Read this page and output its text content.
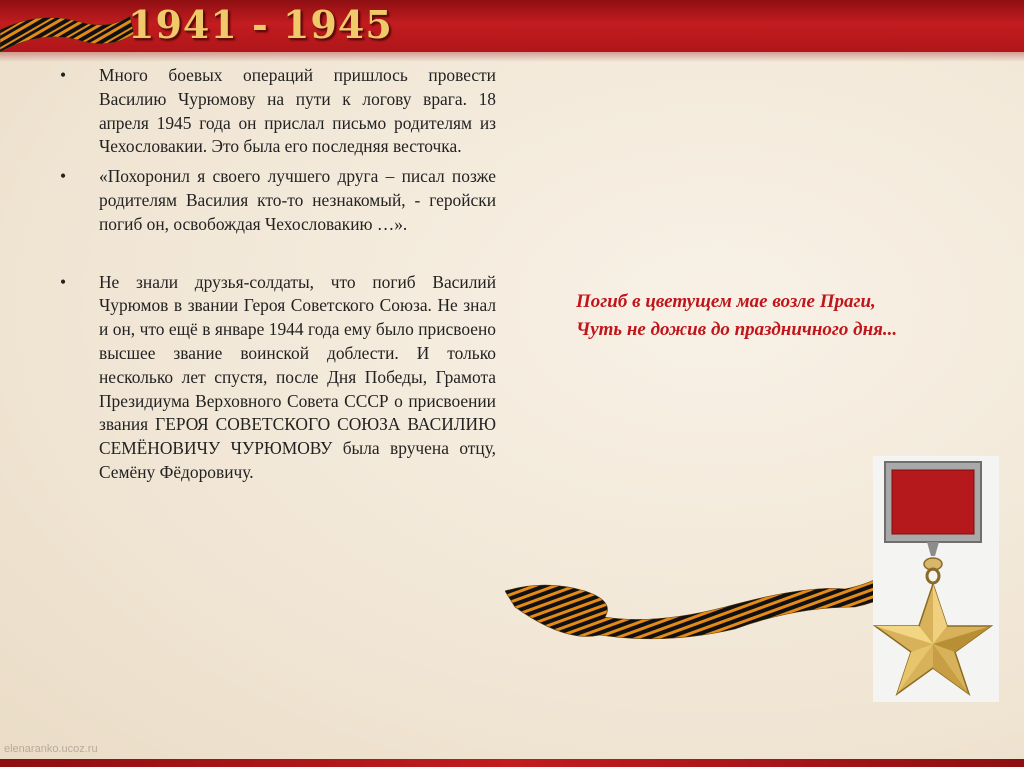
1941 - 1945

• Много боевых операций пришлось провести Василию Чурюмову на пути к логову врага. 18 апреля 1945 года он прислал письмо родителям из Чехословакии. Это была его последняя весточка.

• «Похоронил я своего лучшего друга – писал позже родителям Василия кто-то незнакомый, - геройски погиб он, освобождая Чехословакию …».

• Не знали друзья-солдаты, что погиб Василий Чурюмов в звании Героя Советского Союза. Не знал и он, что ещё в январе 1944 года ему было присвоено высшее звание воинской доблести. И только несколько лет спустя, после Дня Победы, Грамота Президиума Верховного Совета СССР о присвоении звания ГЕРОЯ СОВЕТСКОГО СОЮЗА ВАСИЛИЮ СЕМЁНОВИЧУ ЧУРЮМОВУ была вручена отцу, Семёну Фёдоровичу.

Погиб в цветущем мае возле Праги,
Чуть не дожив до праздничного дня...
elenaranko.ucoz.ru
